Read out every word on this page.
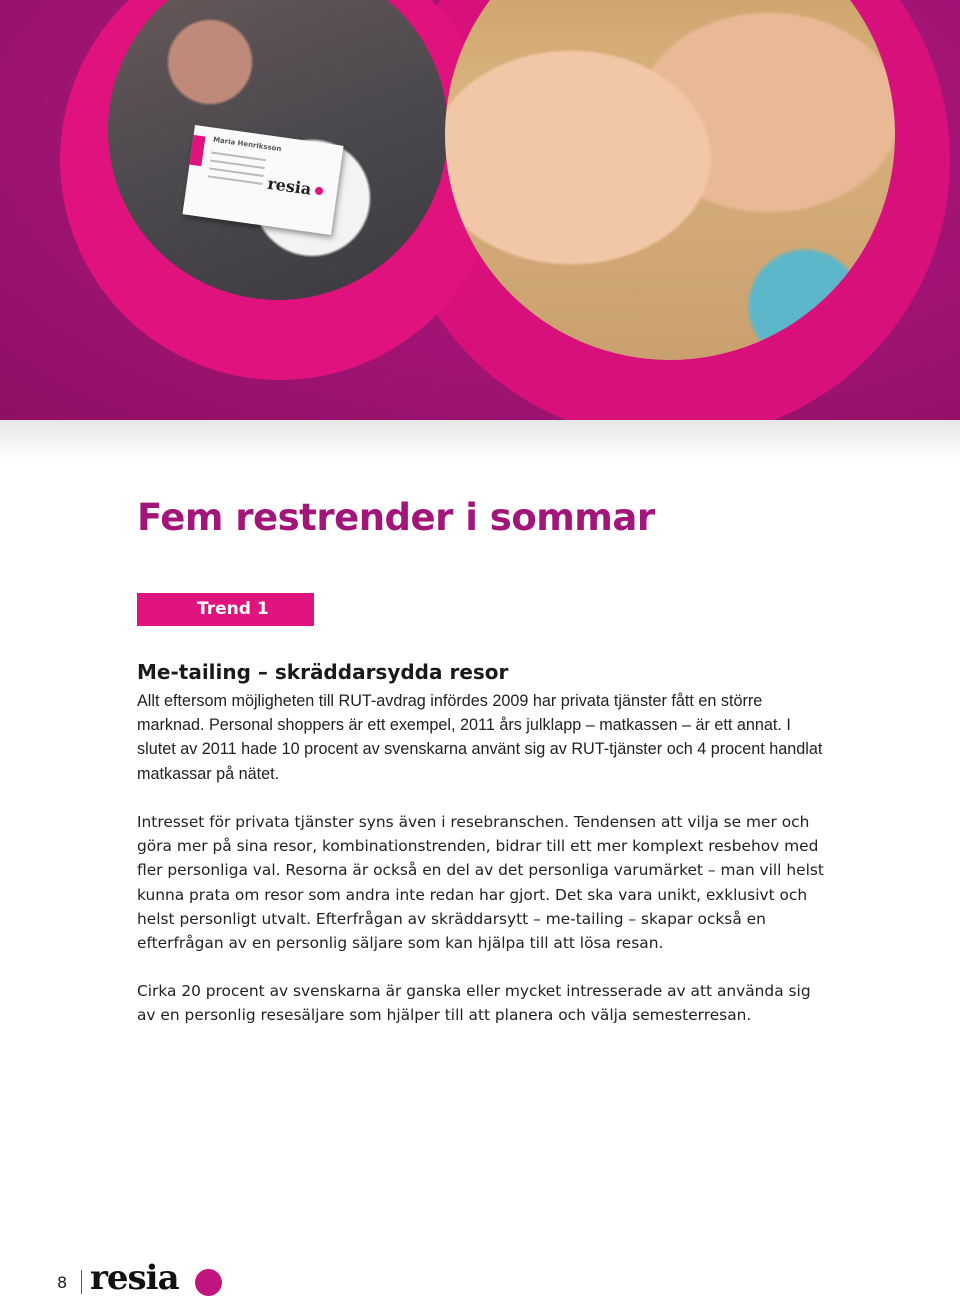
Maria Henriksson
resia
Fem restrender i sommar
Trend 1
Me-tailing – skräddarsydda resor

Allt eftersom möjligheten till RUT-avdrag infördes 2009 har privata tjänster fått en större marknad. Personal shoppers är ett exempel, 2011 års julklapp – matkassen – är ett annat. I slutet av 2011 hade 10 procent av svenskarna använt sig av RUT-tjänster och 4 procent handlat matkassar på nätet.

Intresset för privata tjänster syns även i resebranschen. Tendensen att vilja se mer och göra mer på sina resor, kombinationstrenden, bidrar till ett mer komplext resbehov med fler personliga val. Resorna är också en del av det personliga varumärket – man vill helst kunna prata om resor som andra inte redan har gjort. Det ska vara unikt, exklusivt och helst personligt utvalt. Efterfrågan av skräddarsytt – me-tailing – skapar också en efterfrågan av en personlig säljare som kan hjälpa till att lösa resan.

Cirka 20 procent av svenskarna är ganska eller mycket intresserade av att använda sig av en personlig resesäljare som hjälper till att planera och välja semesterresan.

8 resia
